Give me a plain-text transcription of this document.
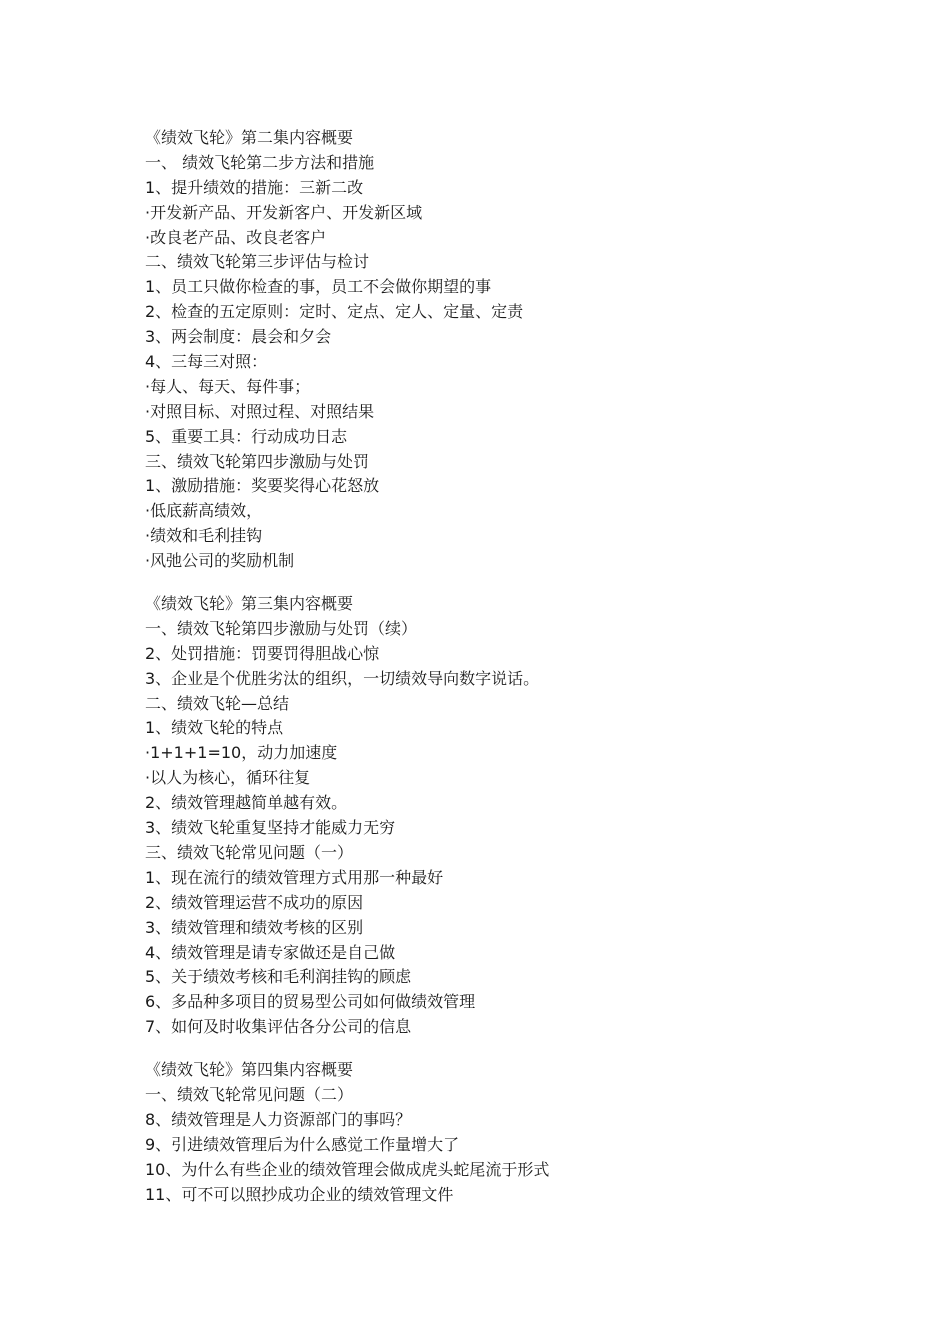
《绩效飞轮》第二集内容概要
一、 绩效飞轮第二步方法和措施
1、提升绩效的措施：三新二改
·开发新产品、开发新客户、开发新区域
·改良老产品、改良老客户
二、绩效飞轮第三步评估与检讨
1、员工只做你检查的事，员工不会做你期望的事
2、检查的五定原则：定时、定点、定人、定量、定责
3、两会制度：晨会和夕会
4、三每三对照：
·每人、每天、每件事；
·对照目标、对照过程、对照结果
5、重要工具：行动成功日志
三、绩效飞轮第四步激励与处罚
1、激励措施：奖要奖得心花怒放
·低底薪高绩效，
·绩效和毛利挂钩
·风弛公司的奖励机制
《绩效飞轮》第三集内容概要
一、绩效飞轮第四步激励与处罚（续）
2、处罚措施：罚要罚得胆战心惊
3、企业是个优胜劣汰的组织，一切绩效导向数字说话。
二、绩效飞轮—总结
1、绩效飞轮的特点
·1+1+1=10，动力加速度
·以人为核心，循环往复
2、绩效管理越简单越有效。
3、绩效飞轮重复坚持才能威力无穷
三、绩效飞轮常见问题（一）
1、现在流行的绩效管理方式用那一种最好
2、绩效管理运营不成功的原因
3、绩效管理和绩效考核的区别
4、绩效管理是请专家做还是自己做
5、关于绩效考核和毛利润挂钩的顾虑
6、多品种多项目的贸易型公司如何做绩效管理
7、如何及时收集评估各分公司的信息
《绩效飞轮》第四集内容概要
一、绩效飞轮常见问题（二）
8、绩效管理是人力资源部门的事吗？
9、引进绩效管理后为什么感觉工作量增大了
10、为什么有些企业的绩效管理会做成虎头蛇尾流于形式
11、可不可以照抄成功企业的绩效管理文件
